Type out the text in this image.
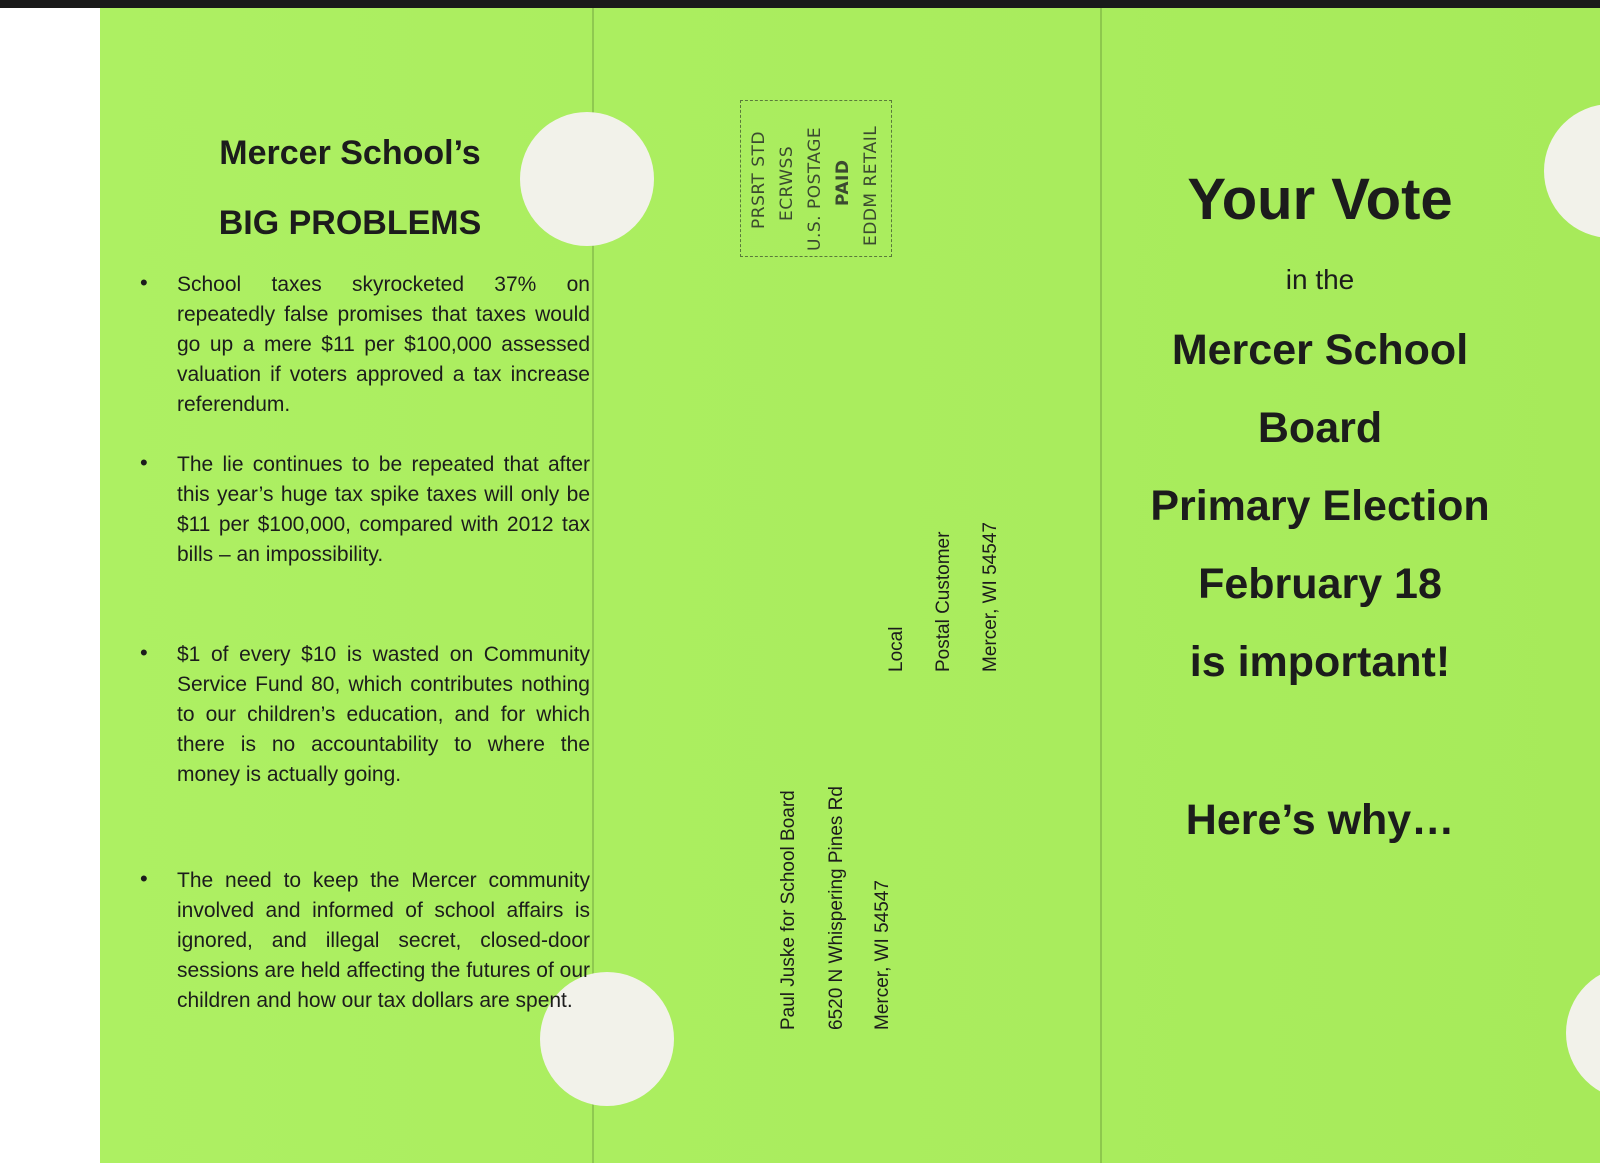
Mercer School’s
BIG PROBLEMS
• School taxes skyrocketed 37% on repeatedly false promises that taxes would go up a mere $11 per $100,000 assessed valuation if voters approved a tax increase referendum.
• The lie continues to be repeated that after this year’s huge tax spike taxes will only be $11 per $100,000, compared with 2012 tax bills – an impossibility.
• $1 of every $10 is wasted on Community Service Fund 80, which contributes nothing to our children’s education, and for which there is no accountability to where the money is actually going.
• The need to keep the Mercer community involved and informed of school affairs is ignored, and illegal secret, closed-door sessions are held affecting the futures of our children and how our tax dollars are spent.
PRSRT STD ECRWSS U.S. POSTAGE PAID EDDM RETAIL
Local Postal Customer Mercer, WI 54547
Paul Juske for School Board 6520 N Whispering Pines Rd Mercer, WI 54547
Your Vote
in the
Mercer School
Board
Primary Election
February 18
is important!
Here’s why…
